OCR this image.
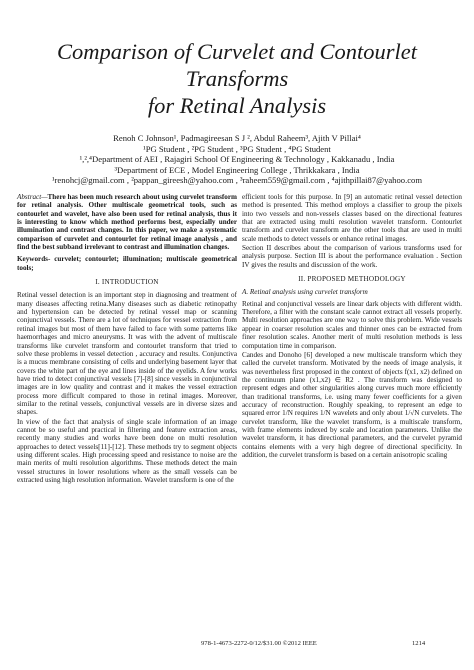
Comparison of Curvelet and Contourlet Transforms
for Retinal Analysis
Renoh C Johnson¹, Padmagireesan S J ², Abdul Raheem³, Ajith V Pillai⁴
¹PG Student , ²PG Student , ³PG Student , ⁴PG Student
¹,²,⁴Department of AEI , Rajagiri School Of Engineering & Technology , Kakkanadu , India
³Department of ECE , Model Engineering College , Thrikkakara , India
¹renohcj@gmail.com , ²pappan_gireesh@yahoo.com , ³raheem559@gmail.com , ⁴ajithpillai87@yahoo.com

Abstract—There has been much research about using curvelet transform for retinal analysis. Other multiscale geometrical tools, such as contourlet and wavelet, have also been used for retinal analysis, thus it is interesting to know which method performs best, especially under illumination and contrast changes. In this paper, we make a systematic comparison of curvelet and contourlet for retinal image analysis , and find the best subband irrelevant to contrast and illumination changes.

Keywords- curvelet; contourlet; illumination; multiscale geometrical tools;

I. INTRODUCTION

Retinal vessel detection is an important step in diagnosing and treatment of many diseases affecting retina.Many diseases such as diabetic retinopathy and hypertension can be detected by retinal vessel map or scanning conjunctival vessels. There are a lot of techniques for vessel extraction from retinal images but most of them have failed to face with some patterns like haemorrhages and micro aneurysms. It was with the advent of multiscale transforms like curvelet transform and contourlet transform that tried to solve these problems in vessel detection , accuracy and results. Conjunctiva is a mucus membrane consisting of cells and underlying basement layer that covers the white part of the eye and lines inside of the eyelids. A few works have tried to detect conjunctival vessels [7]-[8] since vessels in conjunctival images are in low quality and contrast and it makes the vessel extraction process more difficult compared to those in retinal images. Moreover, similar to the retinal vessels, conjunctival vessels are in diverse sizes and shapes.

In view of the fact that analysis of single scale information of an image cannot be so useful and practical in filtering and feature extraction areas, recently many studies and works have been done on multi resolution approaches to detect vessels[11]-[12]. These methods try to segment objects using different scales. High processing speed and resistance to noise are the main merits of multi resolution algorithms. These methods detect the main vessel structures in lower resolutions where as the small vessels can be extracted using high resolution information. Wavelet transform is one of the

efficient tools for this purpose. In [9] an automatic retinal vessel detection method is presented. This method employs a classifier to group the pixels into two vessels and non-vessels classes based on the directional features that are extracted using multi resolution wavelet transform. Contourlet transform and curvelet transform are the other tools that are used in multi scale methods to detect vessels or enhance retinal images.

Section II describes about the comparison of various transforms used for analysis purpose. Section III is about the performance evaluation . Section IV gives the results and discussion of the work.

II. PROPOSED METHODOLOGY

A. Retinal analysis using curvelet transform

Retinal and conjunctival vessels are linear dark objects with different width. Therefore, a filter with the constant scale cannot extract all vessels properly. Multi resolution approaches are one way to solve this problem. Wide vessels appear in coarser resolution scales and thinner ones can be extracted from finer resolution scales. Another merit of multi resolution methods is less computation time in comparison.

Candes and Donoho [6] developed a new multiscale transform which they called the curvelet transform. Motivated by the needs of image analysis, it was nevertheless first proposed in the context of objects f(x1, x2) defined on the continuum plane (x1,x2) ∈ R2 . The transform was designed to represent edges and other singularities along curves much more efficiently than traditional transforms, i.e. using many fewer coefficients for a given accuracy of reconstruction. Roughly speaking, to represent an edge to squared error 1/N requires 1/N wavelets and only about 1/√N curvelets. The curvelet transform, like the wavelet transform, is a multiscale transform, with frame elements indexed by scale and location parameters. Unlike the wavelet transform, it has directional parameters, and the curvelet pyramid contains elements with a very high degree of directional specificity. In addition, the curvelet transform is based on a certain anisotropic scaling

978-1-4673-2272-0/12/$31.00 ©2012 IEEE	1214
